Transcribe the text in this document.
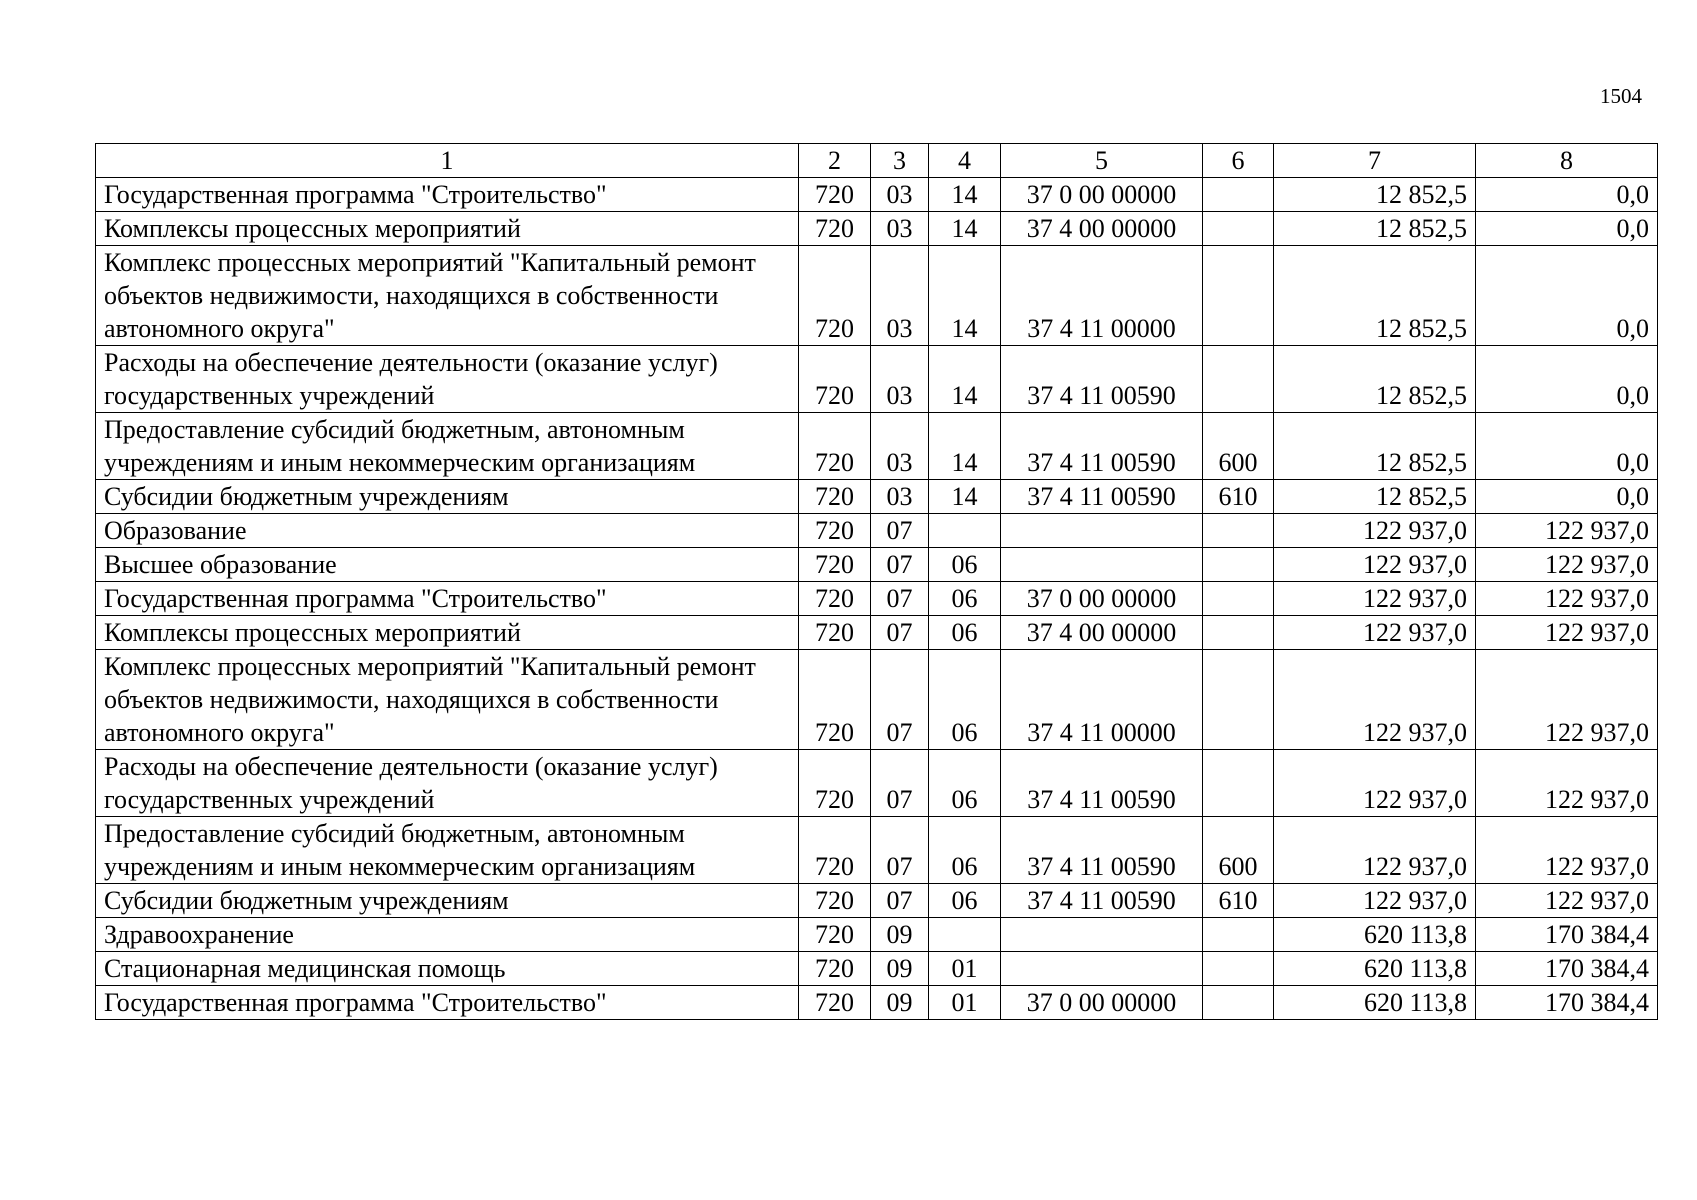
1504
1	2	3	4	5	6	7	8
Государственная программа "Строительство"	720	03	14	37 0 00 00000		12 852,5	0,0
Комплексы процессных мероприятий	720	03	14	37 4 00 00000		12 852,5	0,0
Комплекс процессных мероприятий "Капитальный ремонт объектов недвижимости, находящихся в собственности автономного округа"	720	03	14	37 4 11 00000		12 852,5	0,0
Расходы на обеспечение деятельности (оказание услуг) государственных учреждений	720	03	14	37 4 11 00590		12 852,5	0,0
Предоставление субсидий бюджетным, автономным учреждениям и иным некоммерческим организациям	720	03	14	37 4 11 00590	600	12 852,5	0,0
Субсидии бюджетным учреждениям	720	03	14	37 4 11 00590	610	12 852,5	0,0
Образование	720	07				122 937,0	122 937,0
Высшее образование	720	07	06			122 937,0	122 937,0
Государственная программа "Строительство"	720	07	06	37 0 00 00000		122 937,0	122 937,0
Комплексы процессных мероприятий	720	07	06	37 4 00 00000		122 937,0	122 937,0
Комплекс процессных мероприятий "Капитальный ремонт объектов недвижимости, находящихся в собственности автономного округа"	720	07	06	37 4 11 00000		122 937,0	122 937,0
Расходы на обеспечение деятельности (оказание услуг) государственных учреждений	720	07	06	37 4 11 00590		122 937,0	122 937,0
Предоставление субсидий бюджетным, автономным учреждениям и иным некоммерческим организациям	720	07	06	37 4 11 00590	600	122 937,0	122 937,0
Субсидии бюджетным учреждениям	720	07	06	37 4 11 00590	610	122 937,0	122 937,0
Здравоохранение	720	09				620 113,8	170 384,4
Стационарная медицинская помощь	720	09	01			620 113,8	170 384,4
Государственная программа "Строительство"	720	09	01	37 0 00 00000		620 113,8	170 384,4
